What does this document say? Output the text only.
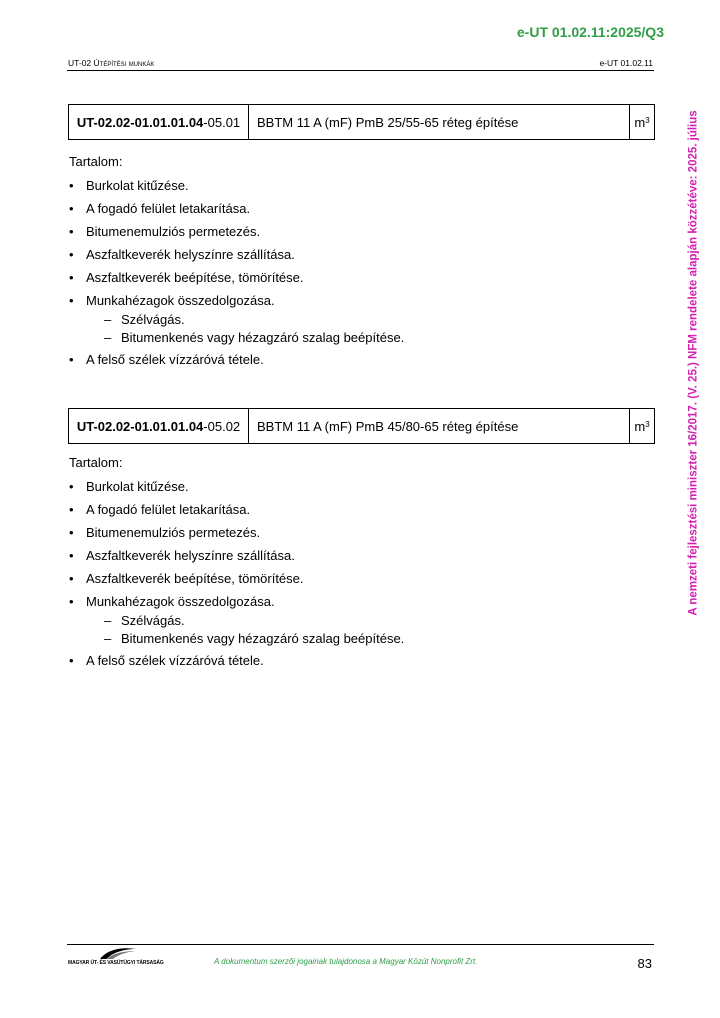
e-UT 01.02.11:2025/Q3
UT-02 Útépítési munkák	e-UT 01.02.11
UT-02.02-01.01.01.04 -05.01	BBTM 11 A (mF) PmB 25/55-65 réteg építése	$m^3$
Tartalom:
• Burkolat kitűzése.
• A fogadó felület letakarítása.
• Bitumenemulziós permetezés.
• Aszfaltkeverék helyszínre szállítása.
• Aszfaltkeverék beépítése, tömörítése.
• Munkahézagok összedolgozása.
– Szélvágás.
– Bitumenkenés vagy hézagzáró szalag beépítése.
• A felső szélek vízzáróvá tétele.
UT-02.02-01.01.01.04 -05.02	BBTM 11 A (mF) PmB 45/80-65 réteg építése	$m^3$
Tartalom:
• Burkolat kitűzése.
• A fogadó felület letakarítása.
• Bitumenemulziós permetezés.
• Aszfaltkeverék helyszínre szállítása.
• Aszfaltkeverék beépítése, tömörítése.
• Munkahézagok összedolgozása.
– Szélvágás.
– Bitumenkenés vagy hézagzáró szalag beépítése.
• A felső szélek vízzáróvá tétele.
A nemzeti fejlesztési miniszter 16/2017. (V. 25.) NFM rendelete alapján közzétéve: 2025. július
MAGYAR ÚT- ÉS VASÚTÜGYI TÁRSASÁG	A dokumentum szerzői jogainak tulajdonosa a Magyar Közút Nonprofit Zrt.	83
